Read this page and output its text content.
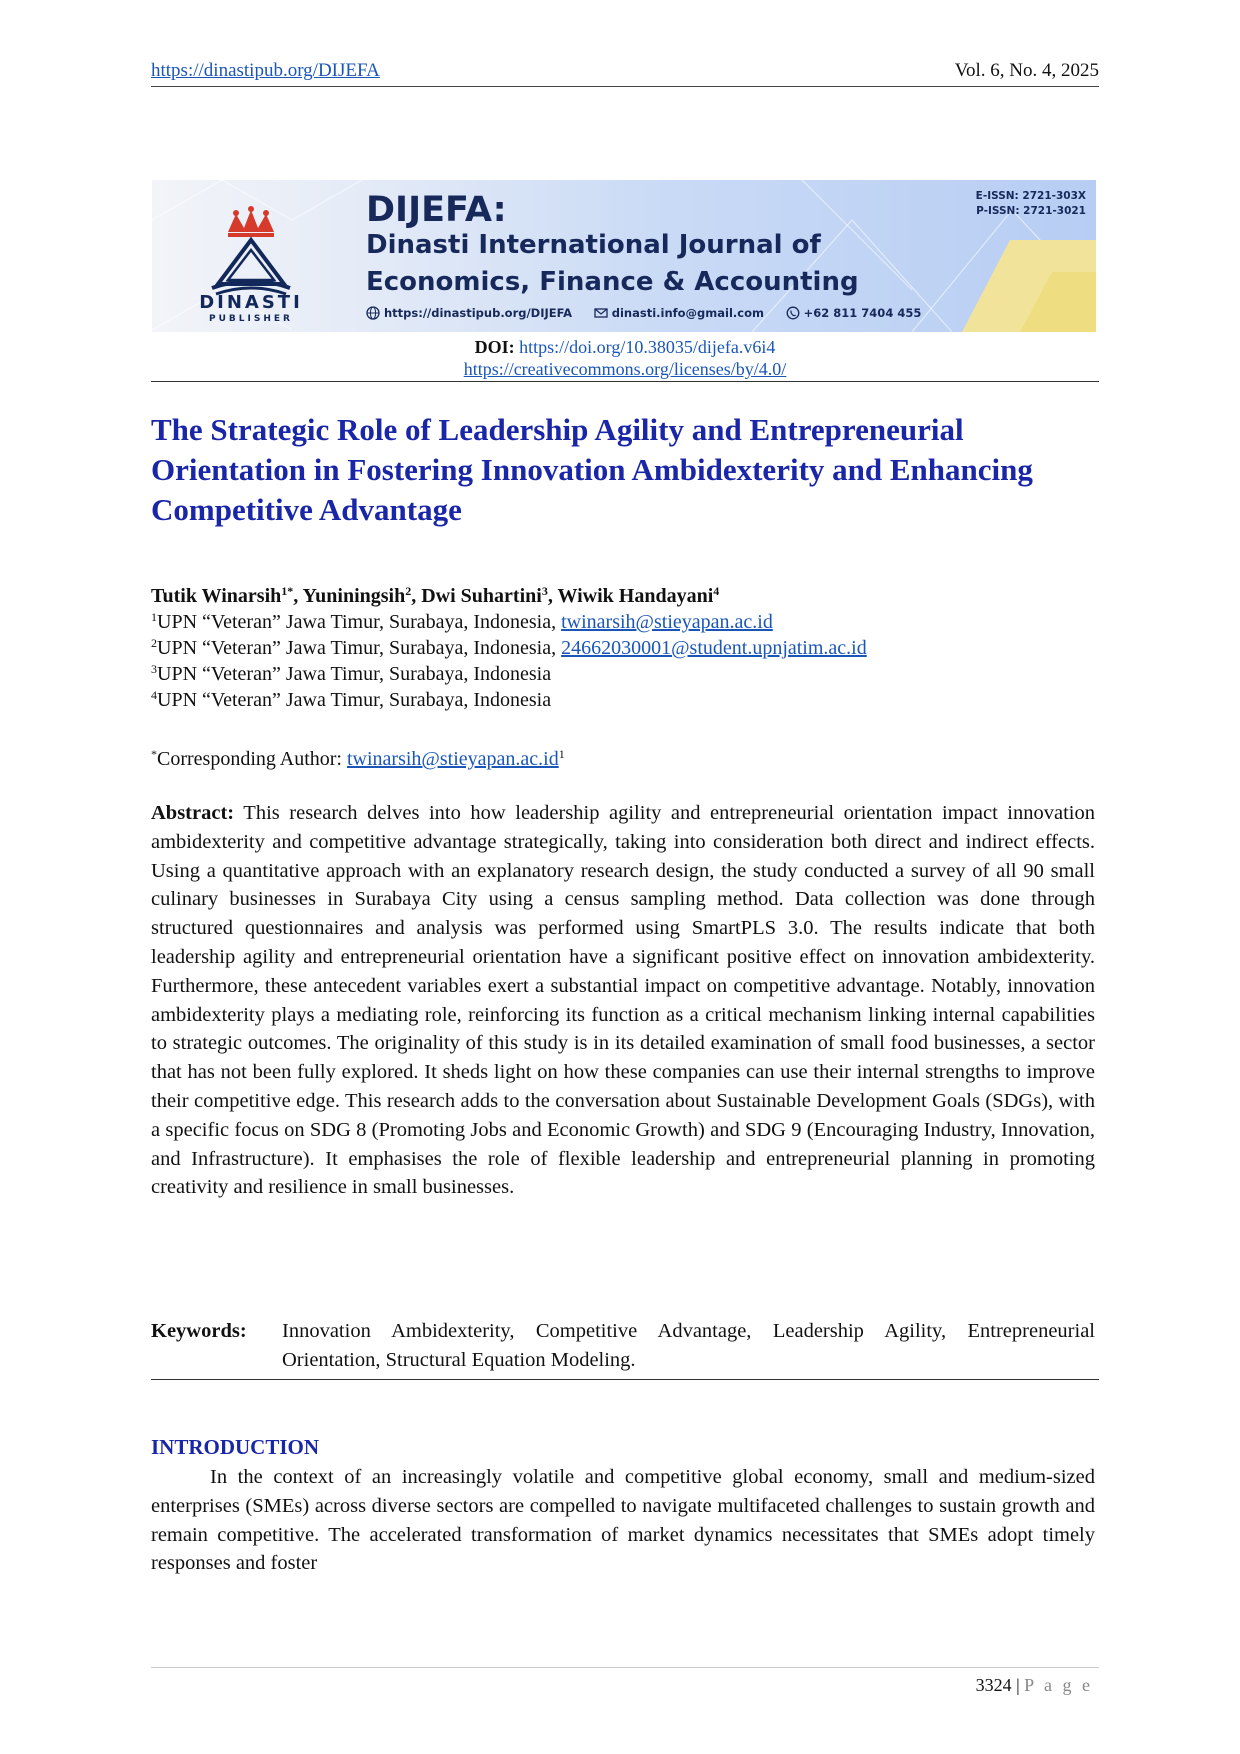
https://dinastipub.org/DIJEFA	Vol. 6, No. 4, 2025
DINASTI
PUBLISHER
DIJEFA:
Dinasti International Journal of
Economics, Finance & Accounting
https://dinastipub.org/DIJEFA	dinasti.info@gmail.com	+62 811 7404 455
E-ISSN: 2721-303X
P-ISSN: 2721-3021
DOI: https://doi.org/10.38035/dijefa.v6i4
https://creativecommons.org/licenses/by/4.0/
The Strategic Role of Leadership Agility and Entrepreneurial Orientation in Fostering Innovation Ambidexterity and Enhancing Competitive Advantage
Tutik Winarsih$^{1*}$, Yuniningsih$^2$, Dwi Suhartini$^3$, Wiwik Handayani$^4$
$^1$UPN “Veteran” Jawa Timur, Surabaya, Indonesia, twinarsih@stieyapan.ac.id
$^2$UPN “Veteran” Jawa Timur, Surabaya, Indonesia, 24662030001@student.upnjatim.ac.id
$^3$UPN “Veteran” Jawa Timur, Surabaya, Indonesia
$^4$UPN “Veteran” Jawa Timur, Surabaya, Indonesia
*Corresponding Author: $twinarsih@stieyapan.ac.id^1$

Abstract: This research delves into how leadership agility and entrepreneurial orientation impact innovation ambidexterity and competitive advantage strategically, taking into consideration both direct and indirect effects. Using a quantitative approach with an explanatory research design, the study conducted a survey of all 90 small culinary businesses in Surabaya City using a census sampling method. Data collection was done through structured questionnaires and analysis was performed using SmartPLS 3.0. The results indicate that both leadership agility and entrepreneurial orientation have a significant positive effect on innovation ambidexterity. Furthermore, these antecedent variables exert a substantial impact on competitive advantage. Notably, innovation ambidexterity plays a mediating role, reinforcing its function as a critical mechanism linking internal capabilities to strategic outcomes. The originality of this study is in its detailed examination of small food businesses, a sector that has not been fully explored. It sheds light on how these companies can use their internal strengths to improve their competitive edge. This research adds to the conversation about Sustainable Development Goals (SDGs), with a specific focus on SDG 8 (Promoting Jobs and Economic Growth) and SDG 9 (Encouraging Industry, Innovation, and Infrastructure). It emphasises the role of flexible leadership and entrepreneurial planning in promoting creativity and resilience in small businesses.

Keywords: Innovation Ambidexterity, Competitive Advantage, Leadership Agility, Entrepreneurial Orientation, Structural Equation Modeling.
INTRODUCTION

In the context of an increasingly volatile and competitive global economy, small and medium-sized enterprises (SMEs) across diverse sectors are compelled to navigate multifaceted challenges to sustain growth and remain competitive. The accelerated transformation of market dynamics necessitates that SMEs adopt timely responses and foster

3324 | P a g e
